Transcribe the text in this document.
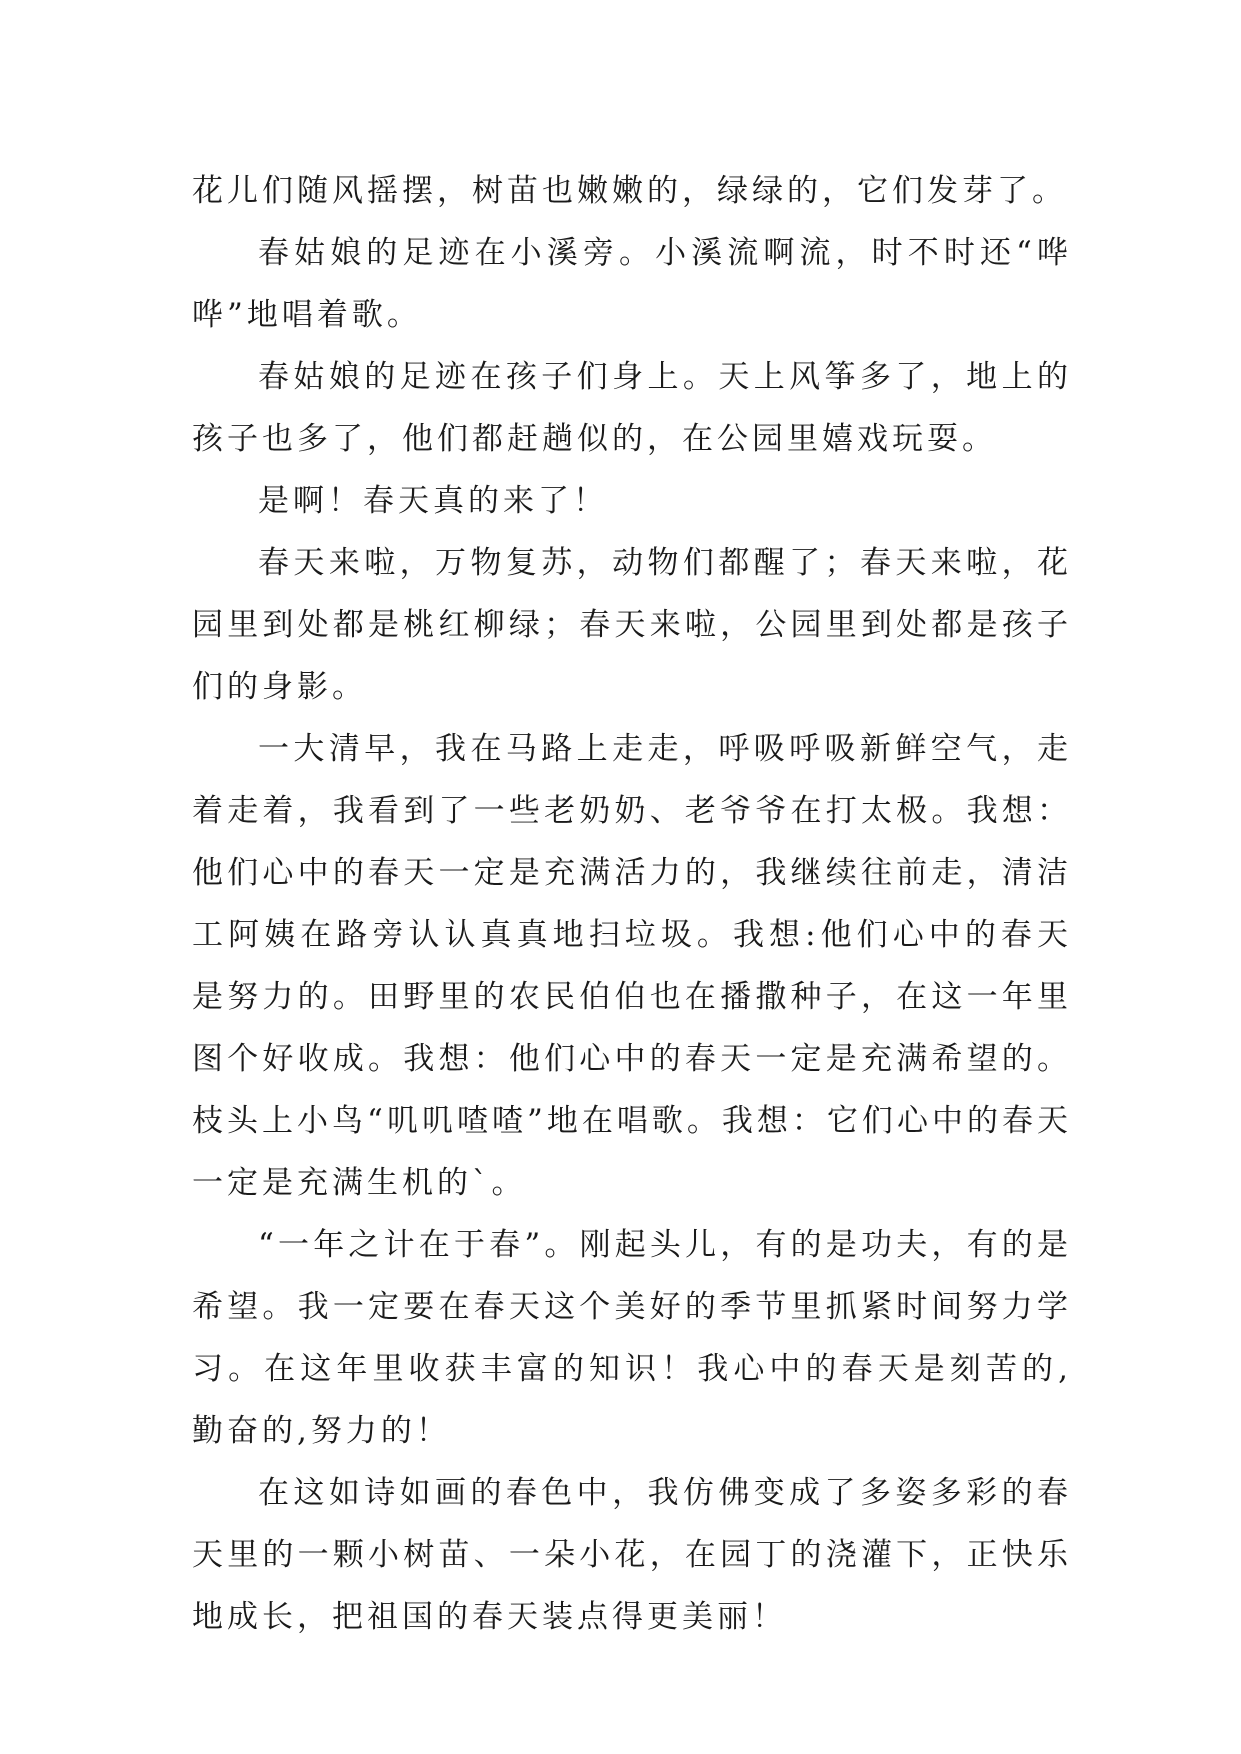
花儿们随风摇摆，树苗也嫩嫩的，绿绿的，它们发芽了。

春姑娘的足迹在小溪旁。小溪流啊流，时不时还“哗哗”地唱着歌。

春姑娘的足迹在孩子们身上。天上风筝多了，地上的孩子也多了，他们都赶趟似的，在公园里嬉戏玩耍。

是啊！春天真的来了！

春天来啦，万物复苏，动物们都醒了；春天来啦，花园里到处都是桃红柳绿；春天来啦，公园里到处都是孩子们的身影。

一大清早，我在马路上走走，呼吸呼吸新鲜空气，走着走着，我看到了一些老奶奶、老爷爷在打太极。我想：他们心中的春天一定是充满活力的，我继续往前走，清洁工阿姨在路旁认认真真地扫垃圾。我想:他们心中的春天是努力的。田野里的农民伯伯也在播撒种子，在这一年里图个好收成。我想：他们心中的春天一定是充满希望的。枝头上小鸟“叽叽喳喳”地在唱歌。我想：它们心中的春天一定是充满生机的`。

“一年之计在于春”。刚起头儿，有的是功夫，有的是希望。我一定要在春天这个美好的季节里抓紧时间努力学习。在这年里收获丰富的知识！我心中的春天是刻苦的,勤奋的,努力的！

在这如诗如画的春色中，我仿佛变成了多姿多彩的春天里的一颗小树苗、一朵小花，在园丁的浇灌下，正快乐地成长，把祖国的春天装点得更美丽！
